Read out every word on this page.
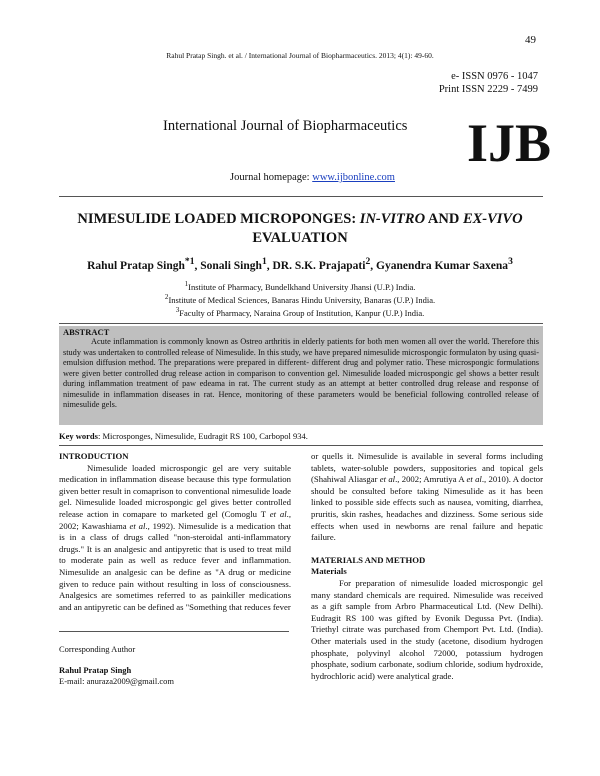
49
Rahul Pratap Singh. et al. / International Journal of Biopharmaceutics. 2013; 4(1): 49-60.
e- ISSN 0976 - 1047
Print ISSN 2229 - 7499
International Journal of Biopharmaceutics IJB
Journal homepage: www.ijbonline.com
NIMESULIDE LOADED MICROPONGES: IN-VITRO AND EX-VIVO
EVALUATION
Rahul Pratap Singh$^{*1}$, Sonali Singh$^1$, DR. S.K. Prajapati$^2$, Gyanendra Kumar Saxena$^3$
$^1$Institute of Pharmacy, Bundelkhand University Jhansi (U.P.) India.
$^2$Institute of Medical Sciences, Banaras Hindu University, Banaras (U.P.) India.
$^3$Faculty of Pharmacy, Naraina Group of Institution, Kanpur (U.P.) India.

ABSTRACT

Acute inflammation is commonly known as Ostreo arthritis in elderly patients for both men women all over the world. Therefore this study was undertaken to controlled release of Nimesulide. In this study, we have prepared nimesulide microspongic formulaton by using quasi-emulsion diffusion method. The preparations were prepared in different- different drug and polymer ratio. These microspongic formulations were given better controlled drug release action in comparison to convention gel. Nimesulide loaded microspongic gel shows a better result during inflammation treatment of paw edeama in rat. The current study as an attempt at better controlled drug release and response of nimesulide in inflammation diseases in rat. Hence, monitoring of these parameters would be beneficial following controlled release of nimesulide gels.

Key words: Microsponges, Nimesulide, Eudragit RS 100, Carbopol 934.

INTRODUCTION

Nimesulide loaded microspongic gel are very suitable medication in inflammation disease because this type formulation given better result in comaprison to conventional nimesulide loade gel. Nimesulide loaded microspongic gel gives better controlled release action in comapare to marketed gel (Comoglu T et al., 2002; Kawashiama et al., 1992). Nimesulide is a medication that is in a class of drugs called "non-steroidal anti-inflammatory drugs." It is an analgesic and antipyretic that is used to treat mild to moderate pain as well as reduce fever and inflammation. Nimesulide an analgesic can be define as "A drug or medicine given to reduce pain without resulting in loss of consciousness. Analgesics are sometimes referred to as painkiller medications and an antipyretic can be defined as "Something that reduces fever

Corresponding Author
Rahul Pratap Singh
E-mail: anuraza2009@gmail.com

or quells it. Nimesulide is available in several forms including tablets, water-soluble powders, suppositories and topical gels (Shahiwal Aliasgar et al., 2002; Amrutiya A et al., 2010). A doctor should be consulted before taking Nimesulide as it has been linked to possible side effects such as nausea, vomiting, diarrhea, pruritis, skin rashes, headaches and dizziness. Some serious side effects when used in newborns are renal failure and hepatic failure.

MATERIALS AND METHOD

Materials

For preparation of nimesulide loaded microspongic gel many standard chemicals are required. Nimesulide was received as a gift sample from Arbro Pharmaceutical Ltd. (New Delhi). Eudragit RS 100 was gifted by Evonik Degussa Pvt. (India). Triethyl citrate was purchased from Chemport Pvt. Ltd. (India). Other materials used in the study (acetone, disodium hydrogen phosphate, polyvinyl alcohol 72000, potassium hydrogen phosphate, sodium carbonate, sodium chloride, sodium hydroxide, hydrochloric acid) were analytical grade.
